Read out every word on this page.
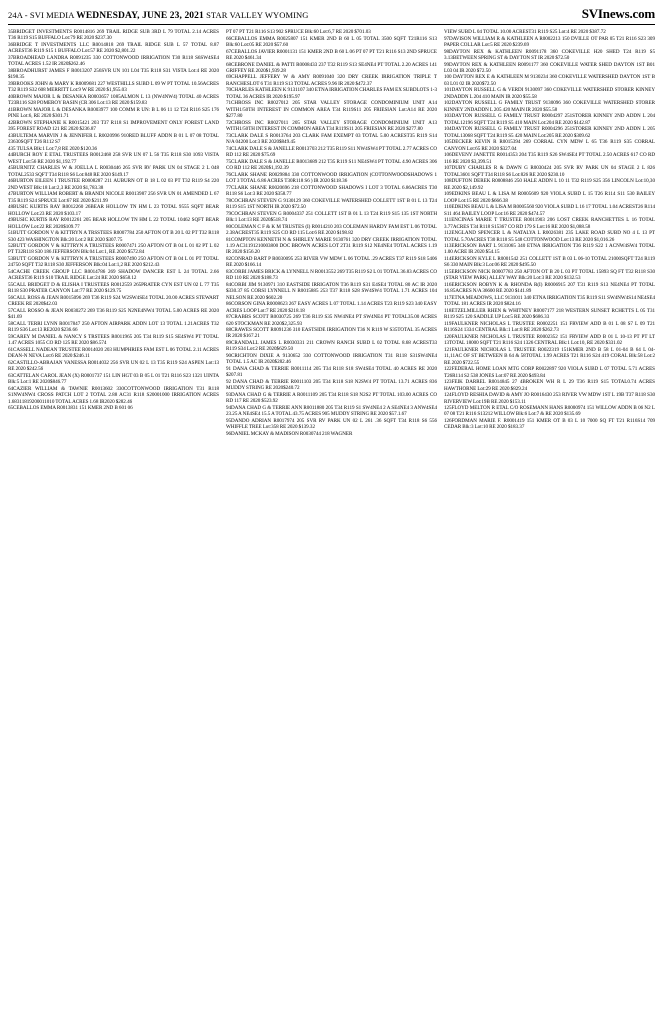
24A - SVI MEDIA WEDNESDAY, JUNE 23, 2021 STAR VALLEY WYOMING	SVInews.com

35BRIDGET INVESTMENTS R0014816 269 TRAIL RIDGE SUB 3RD L 79 TOTAL 2.14 ACRES T36 R119 S15 BUFFALO Lot:79 RE 2020 $237.30

36BRIDGE T INVESTMENTS LLC R0014818 269 TRAIL RIDGE SUB L 57 TOTAL 8.87 ACREST36 R119 S15 1 BUFFALO Lot:57 RE 2020 $2,801.22

37BROADHEAD LANDRA R0091235 330 COTTONWOOD IRRIGATION T30 R118 S6SW4SE4 TOTAL ACRES 1.52 IR 2020$262.46

38BROADHURST JAMES F R0013207 256SVR UN 101 L04 T35 R118 S31 VISTA Lot:4 RE 2020 $198.35

39BROOKS JOHN & MARY K R0009681 227 WESTHILLS SUBD L 09 W PT TOTAL 10.56ACRES T32 R119 S32 608 MERRITT Lot:9 W RE 2020 $1,955.03

40BROWN MAJOR L & DESANKA R0003657 1085ALMON L 13 (NW4NW4) TOTAL 40 ACRES T23R116 S28 POMEROY BASIN (CR 306 Lot:13 RE 2020 $159.83

41BROWN MAJOR L & DESANKA R0003977 100 COMM R UN: B L 06 11 12 T24 R116 S25 176 PINE Lot:6, RE 2020 $301.71

42BROWN STEPHANIE K R0015421 203 T37 R118 S1 IMPROVEMENT ONLY FOREST LAND 395 FOREST ROAD 121 RE 2020 $236.87

43BULTEMA MARVIN J & JENNIFER L R0020996 910RED BLUFF ADDN B 01 L 07 08 TOTAL 23630SQFT T26 R112 S7

435 TULSA Blk:1 Lot:7,8 RE 2020 $120.36

44BURCH ROY E ETAL TRUSTEES R0012468 258 SVR UN 07 L 56 T35 R118 S30 1093 VISTA WEST Lot:56 RE 2020 $1,192.77

45BURNITZ CHARLES W & JOELLA L R0030446 265 SVR RV PARK UN 04 STAGE 2 L 048 TOTAL2533 SQFT T34 R118 S6 Lot:848 RE 2020 $149.17

46BURTON EILEEN I TRUSTEE R0008287 211 AUBURN OT B 18 L 02 03 PT T32 R119 S4 220 2ND WEST Blk:18 Lot:2,3 RE 2020 $1,783.38

47BURTON WILLIAM ROBERT & BRANDI NICOLE R0013987 256 SVR UN 01 AMENDED L 67 T35 R119 S24 SPRUCE Lot:67 RE 2020 $211.99

48BUSIC KURTIS RAY R0012260 26BEAR HOLLOW TN HM L 23 TOTAL 9555 SQFT BEAR HOLLOW Lot:23 RE 2020 $103.17

49BUSIC KURTIS RAY R0012261 205 BEAR HOLLOW TN HM L 22 TOTAL 10462 SQFT BEAR HOLLOW Lot:22 RE 2020$109.77

51BUTT GORDON V & KITTRYN A TRSSTEES R0007784 250 AFTON OT B 20 L 02 PT T32 R118 S30 423 WASHINGTON Blk:20 Lot:2 RE 2020 $307.75

52BUTT GORDON V & KITTRYN A TRUSTEES R0007471 250 AFTON OT B 04 L 01 02 PT L 02 PT T32R118 S30 186 JEFFERSON Blk:04 Lot:1, RE 2020 $572.84

53BUTT GORDON V & KITTRYN A TRUSTEES R0007490 250 AFTON OT B 04 L 01 PT TOTAL 24750 SQFT T32 R118 S30 JEFFERSON Blk:04 Lot:1,2 RE 2020 $212.43

54CACHE CREEK GROUP LLC R0014786 269 SHADOW DANCER EST L 24 TOTAL 2.66 ACREST36 R119 S10 TRAIL RIDGE Lot:24 RE 2020 $658.12

55CALL BRIDGET D & ELISHA I TRUSTEES R0012559 265PRATER CYN EST UN 02 L 77 T35 R118 S30 PRATER CANYON Lot:77 RE 2020 $129.75

56CALL ROSS & JEAN R0015096 269 T36 R119 S24 W2SW4SE4 TOTAL 20.00 ACRES STEWART CREEK RE 2020$42.03

57CALL ROSSO & JEAN R0030272 269 T36 R119 S25 N2NE4NW4 TOTAL 5.00 ACRES RE 2020 $41.69

58CALL TERRI LYNN R0017847 250 AFTON AIRPARK ADDN LOT 13 TOTAL 1.21ACRES T32 R119 S36 Lot:13 RE2020 $236.66

59CAREY M DANIEL & NANCY S TRSTEES R0011965 205 T34 R119 S15 SE4SW4 PT TOTAL 1.47 ACRES 1055 CO RD 125 RE 2020 $86.574

61CASSELL NADEAN TRUSTEE R0014020 203 HUMPHRIES FAM EST L 06 TOTAL 2.11 ACRES DEAN-N NEVA Lot:6 RE 2020 $246.11

62CASTILLO-ABRAJAN VANESSA R0014032 256 SVR UN 02 L 13 T35 R119 S24 ASPEN Lot:13 RE 2020 $242.56

63CATTELAN CAROL JEAN (X) R0001737 151 LIN HGT 03 B 05 L 01 T21 R116 S23 1321 UINTA Blk:5 Lot:1 RE 2020$846.77

64CAZIER WILLIAM & TAWNIE R0013602 330COTTONWOOD IRRIGATION T31 R118 S1NW4NW4 CROSS PATCH LOT 2 TOTAL 2.88 AC31 R118 S20001000 IRRIGATION ACRES 1.68311819200011010 TOTAL ACRES 1.68 IR2020 $282.46

65CEBALLOS EMMA R0013831 151 KMER 2ND B 601 06

PT 07 PT T21 R116 S13 902 SPRUCE Blk:60 Lot:6,7 RE 2020 $701.03

66CEBALLOS EMMA R0025807 151 KMER 2ND B 60 L 05 TOTAL 3500 SQFT T21R116 S13 Blk:60 Lot:05 RE 2020 $57.60

67CEBALLOS JAVIER R0001131 151 KMER 2ND B 60 L 06 PT 07 PT T21 R116 S13 2ND SPRUCE RE 2020 $461.34

68CEBRONE DANIEL & PATTI R0008433 237 T32 R119 S13 SE4NE4 PT TOTAL 2.20 ACRES 141 GRIFFEY RE 2020$1,939.28

69CHAPPELL JEFFERY W & AMY R0091040 320 DRY CREEK IRRIGATION TRIPLE T RANCHESLOT 6 T31 R119 S13 TOTAL ACRES 9.96 IR 2020 $472.37

70CHARLES KATHLEEN K 9131107 340 ETNA IRRIGATION CHARLES FAM EX SUBDLOTS 1-3 TOTAL 36 ACRES IR 2020 $195.97

71CHROSS INC R0027012 205 STAR VALLEY STORAGE CONDOMINIUM UNIT A14 WITH1/50TH INTEREST IN COMMON AREA T34 R119S11 205 FRIESIAN Lot:A14 RE 2020 $277.80

72CHROSS INC R0027011 205 STAR VALLEY STORAGE CONDOMINIUM UNIT A13 WITH1/50TH INTEREST IN COMMON AREA T34 R119S11 205 FRIESIAN RE 2020 $277.80

73CLARK DALE S R0013764 203 CLARK FAM EXEMPT 03 TOTAL 5.00 ACREST35 R119 S14 N/A 04200 Lot:3 RE 2020$849.45

74CLARK DALE S & JANELLE R0013703 212 T35 R119 S11 NW4SW4 PT TOTAL 2.77 ACRES CO RD 112 RE 2020 $75.69

75CLARK DALE S & JANELLE R0013689 212 T35 R119 S11 NE4SW4 PT TOTAL 4.90 ACRES 306 CO RD 112 RE 2020$1,192.39

76CLARK SHANE R0029884 330 COTTONWOOD IRRIGATION (COTTONWOODSHADOWS 1 LOT 3 TOTAL 6.86 ACRES T30R118 S6 ) IR 2020 $118.36

77CLARK SHANE R0020696 218 COTTONWOOD SHADOWS I LOT 3 TOTAL 6.86ACRES T30 R118 S6 Lot:3 RE 2020 $358.77

78COCHRAN STEVEN G 9130129 360 COKEVILLE WATERSHED COLLETT 1ST B 01 L 13 T24 R119 S15 1ST NORTH IR 2020 $72.50

79COCHRAN STEVEN G R0004337 251 COLLETT 1ST B 01 L 13 T24 R119 S15 135 1ST NORTH Blk:1 Lot:13 RE 2020$518.74

80COLEMAN C F & K M TRUSTES (I) R0014210 203 COLEMAN HARDY FAM EST L 06 TOTAL 2.38ACREST35 R119 S25 CO RD 115 Lot:6 RE 2020 $198.82

81COMPTON KENNETH N & SHIRLEY MARIE 9130761 320 DRY CREEK IRRIGATION TOTAL 1.19 AC31191210003800 DOC BROWN ACRES LOT 2T31 R119 S12 NE4NE4 TOTAL ACRES 1.19 IR 2020 $156.20

82CONRAD BART P R0030095 253 RIVER VW MDW L 06 TOTAL .29 ACRES T37 R119 S18 5406 RE 2020 $166.14

83CORBI JAMES BRICK & LYNNELL N R0013552 269 T35 R119 S2 L 01 TOTAL 36.83 ACRES CO RD 110 RE 2020 $188.73

84CORBI JIM 9130971 310 EASTSIDE IRRIGATON T36 R119 S31 E4SE4 TOTAL 80 AC IR 2020 $330.37 85 CORSI LYNNELL N R0015885 253 T37 R118 S28 SW4SW4 TOTAL 1.71 ACRES 104 NELSON RE 2020 $602.20

86CORSON GINA R0008623 267 EASY ACRES L 07 TOTAL 1.14 ACRES T23 R119 S23 340 EASY ACRES LOOP Lot:7 RE 2020 $218.18

87CRABBS SCOTT R0030725 269 T36 R119 S35 NW4NE4 PT SW4NE4 PT TOTAL35.00 ACRES 620 STOCKMAN RE 2020$2,325.93

88CRAWES SCOTT R0091236 310 EASTSIDE IRRIGATION T36 N R119 W S35TOTAL 35 ACRES IR 2020 $167.21

89CRANDALL JAMES L R0030331 211 CROWN RANCH SUBD L 02 TOTAL 8.68 ACREST33 R119 S34 Lot:2 RE 2020$629.50

90CRICHTON DIXIE A 9130652 330 COTTONWOOD IRRIGATION T31 R118 S31SW4NE4 TOTAL 1.5 AC IR 2020$282.46

91 DANA CHAD & TERRIE R0011114 205 T34 R118 S18 SW4SE4 TOTAL 40 ACRES RE 2020 $207.81

92 DANA CHAD & TERRIE R0011103 205 T34 R118 S18 N2SW4 PT TOTAL 13.71 ACRES 836 MUDDY STRING RE 2020$240.72

93DANA CHAD G & TERRIE A R0011109 205 T34 R118 S18 N2S2 PT TOTAL 103.00 ACRES CO RD 117 RE 2020 $523.92

94DANA CHAD G & TERRIE ANN R0011880 205 T34 R119 S1 SW4NE4 2 A SE4NE4 3 ANW4SE4 23.25 A NE4SE4 15.5 A TOTAL 43.75 ACRES 905 MUDDY STRING RE 2020 $57.1.67

95DANDO ADRIAN R0017974 205 SVR RV PARK UN 02 L 261 .36 SQFT T34 R118 S6 556 WHIFFLE TREE Lot:358 RE 2020 $139.32

96DANIEL MCKAY & MADISON R0030744 218 WAGNER

VIEW SUBD L 04 TOTAL 10.00 ACREST31 R119 S25 Lot:4 RE 2020 $387.72

97DAVISON WILLIAM R & KATHLEEN A R0002213 150 DVILLE OT PAR 05 T21 R116 S23 309 PAPER COLLAR Lot:5 RE 2020 $239.69

98DAYTON REX & KATHLEEN R0091178 360 COKEVILLE H20 SHED T24 R119 S5 3.13BETWEEN SPRING ST & DAYTON ST IR 2020 $72.50

99DAYTON REX & KATHLEEN R0091177 360 COKEVILLE WATER SHED DAYTON 1ST B01 L03 04 IR 2020 $72.50

100 DAYTON REX E & KATHLEEN M 9130234 360 COKEVILLE WATERSHED DAYTON 1ST B 03 L01 02 IR 2020$72.50

101DAYTON RUSSELL G & VERDI 9130097 360 COKEVILLE WATERSHED STORER KINNEY 2NDADDN L 204 410 MAIN IR 2020 $55.58

102DAYTON RUSSELL G FAMILY TRUST 9130096 360 COKEVILLE WATERSHED STORER KINNEY 2NDADDN L 205 420 MAIN IR 2020 $55.58

103DAYTON RUSSELL G FAMILY TRUST R0004297 251STORER KINNEY 2ND ADDN L 204 TOTAL12196 SQFT T24 R119 S5 410 MAIN Lot:204 RE 2020 $142.87

104DAYTON RUSSELL G FAMILY TRUST R0004296 251STORER KINNEY 2ND ADDN L 205 TOTAL13068 SQFT T24 R119 S5 420 MAIN Lot:205 RE 2020 $309.62

105DECKER KEVIN R R0015394 269 CORRAL CYN MDW L 65 T36 R119 S35 CORRAL CANYON Lot:65 RE 2020 $327.04

106DEVENY JANETTE R0014353 204 T35 R119 S26 SW4SE4 PT TOTAL 2.50 ACRES 617 CO RD 116 RE 2020 $3,399.51

107DUBY CHARLES R & DAWN G R0030424 205 SVR RV PARK UN 04 STAGE 2 L 826 TOTAL3601 SQFT T34 R118 S6 Lot:826 RE 2020 $230.10

108DUFTON DEREK R0008846 250 HALE ADDN L 10 11 T32 R119 S25 356 LINCOLN Lot:10,30 RE 2020 $2,149.92

109EDKINS BEAU L & LISA M R0005609 920 VIOLA SUBD L 15 T26 R114 S11 530 BAILEY LOOP Lot:15 RE 2020 $666.38

110EDKINS BEAU L & LISA M R0005560 920 VIOLA SUBD L 16 17 TOTAL 1.04 ACREST26 R114 S11 464 BAILEY LOOP Lot:16 RE 2020 $474.57

111ENCINAS MARIE T TRUSTEE R0011903 206 LOST CREEK RANCHETTES L 16 TOTAL 3.77ACRES T34 R118 S15367 CO RD 179 S Lot:16 RE 2020 $1,088.58

112ENGLAND SPENCER L & NATALYA L R0026381 235 LAKE ROAD SUBD NO 4 L 13 PT TOTAL 5.70ACRES T30 R118 S5 548 COTTONWOOD Lot:13 RE 2020 $1,016.26

113ERICKSON BART L 9131065 340 ETNA IRRIGATION T36 R119 S22 1 ACNW4SW4 TOTAL 1.00 ACRE IR 2020 $54.15

114ERICKSON KYLE L R0001542 251 COLLETT 1ST B 03 L 06-10 TOTAL 21000SQFT T24 R119 S6 330 MAIN Blk:3 Lot:06 RE 2020 $495.50

115ERICKSON NICK R0007783 250 AFTON OT B 20 L 03 PT TOTAL 15893 SQ FT T32 R118 S30 (STAR VIEW PARK) ALLEY WAY Blk:20 Lot:3 RE 2020 $132.53

116ERICKSON ROBYN K & RHONDA R(I) R0006915 207 T31 R119 S13 NE4NE4 PT TOTAL 16.85ACRES N/A 36600 RE 2020 $141.89

117ETNA MEADOWS, LLC 9131011 340 ETNA IRRIGATION T35 R119 S11 SW4NW4S14 NE4SE4 TOTAL 181 ACRES IR 2020 $824.16

118ETZELMILLER RHEN & WHITNEY R0007177 218 WESTERN SUNSET RCHETTS L 05 T31 R119 S25 120 SADDLE UP Lot:5 RE 2020 $686.33

119FAULKNER NICHOLAS L TRUSTEE R0002251 151 FRVIEW ADD B 01 L 08 S7 L 09 T21 R116S24 1334 CENTRAL Blk:1 Lot:8 RE 2020 $262.73

120FAULKNER NICHOLAS L TRUSTEE R0002352 151 FRVIEW ADD B 01 L 10-13 PT PT LT 13TOTAL 18000 SQFT T21 R116 S24 1326 CENTRAL Blk:1 Lot:10, RE 2020 $331.02

121FAULKNER NICHOLAS L TRUSTEE R0022319 151KMER 2ND B 58 L 01-04 B 64 L 04-11,11AC OF ST BETWEEN B 64 & 58TOTAL 1.99 ACRES T21 R116 S24 419 CORAL Blk:58 Lot:2 RE 2020 $722.55

122FEDERAL HOME LOAN MTG CORP R0022897 920 VIOLA SUBD L 07 TOTAL 5.71 ACRES T26R114 S2 538 JONES Lot:07 RE 2020 $493.84

123FEIK DARREL R0014845 27 4BROKEN WH R L 29 T36 R119 S15 TOTAL0.74 ACRES HAWTHORNE Lot:29 RE 2020 $829.24

124FLOYD RESHIA DAVID & AMY JO R0016430 253 RIVER VW MDW 1ST L 19B T37 R118 S30 RIVERVIEW Lot:19B RE 2020 $153.11

125FLOYD MELTON R ETAL C/O ROSEMANN HANS R0000974 151 WILLOW ADDN B 06 N2 L 07 08 T21 R116 S13212 WILLOW Blk:6 Lot:7 & RE 2020 $135.69

126FORDMAN MARIE F. R0001419 151 KMER OT B 03 L 10 7000 SQ FT T21 R116S14 709 CEDAR Blk:3 Lot:10 RE 2020 $183.37
